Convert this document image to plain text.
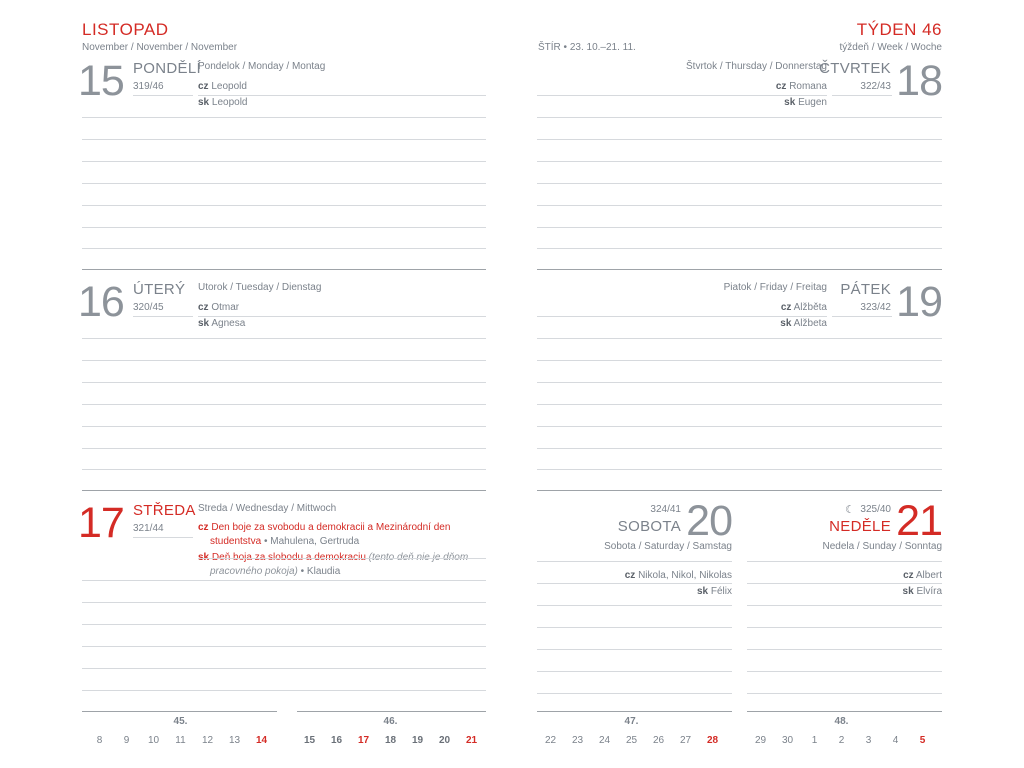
LISTOPAD
November / November / November	ŠTÍR • 23. 10.–21. 11.
TÝDEN 46
týždeň / Week / Woche
15 PONDĚLÍ
319/46
Pondelok / Monday / Montag
cz Leopold
sk Leopold
16 ÚTERÝ
320/45
Utorok / Tuesday / Dienstag
cz Otmar
sk Agnesa
17 STŘEDA
321/44
Streda / Wednesday / Mittwoch
cz Den boje za svobodu a demokracii a Mezinárodní den
studentstva • Mahulena, Gertruda
pracovného pokoja) • Klaudia
18
ČTVRTEK
322/43
Štvrtok / Thursday / Donnerstag
cz Romana
sk Eugen
19
PÁTEK
323/42
Piatok / Friday / Freitag
cz Alžběta
sk Alžbeta
20
324/41
SOBOTA
Sobota / Saturday / Samstag
cz Nikola, Nikol, Nikolas
sk Félix
21
☾ 325/40
NEDĚLE
Nedela / Sunday / Sonntag
cz Albert
sk Elvíra
45.
8	9	10	11	12	13	14
46.
15	16	17	18	19	20	21
47.
22	23	24	25	26	27	28
48.
29	30	1	2	3	4	5
